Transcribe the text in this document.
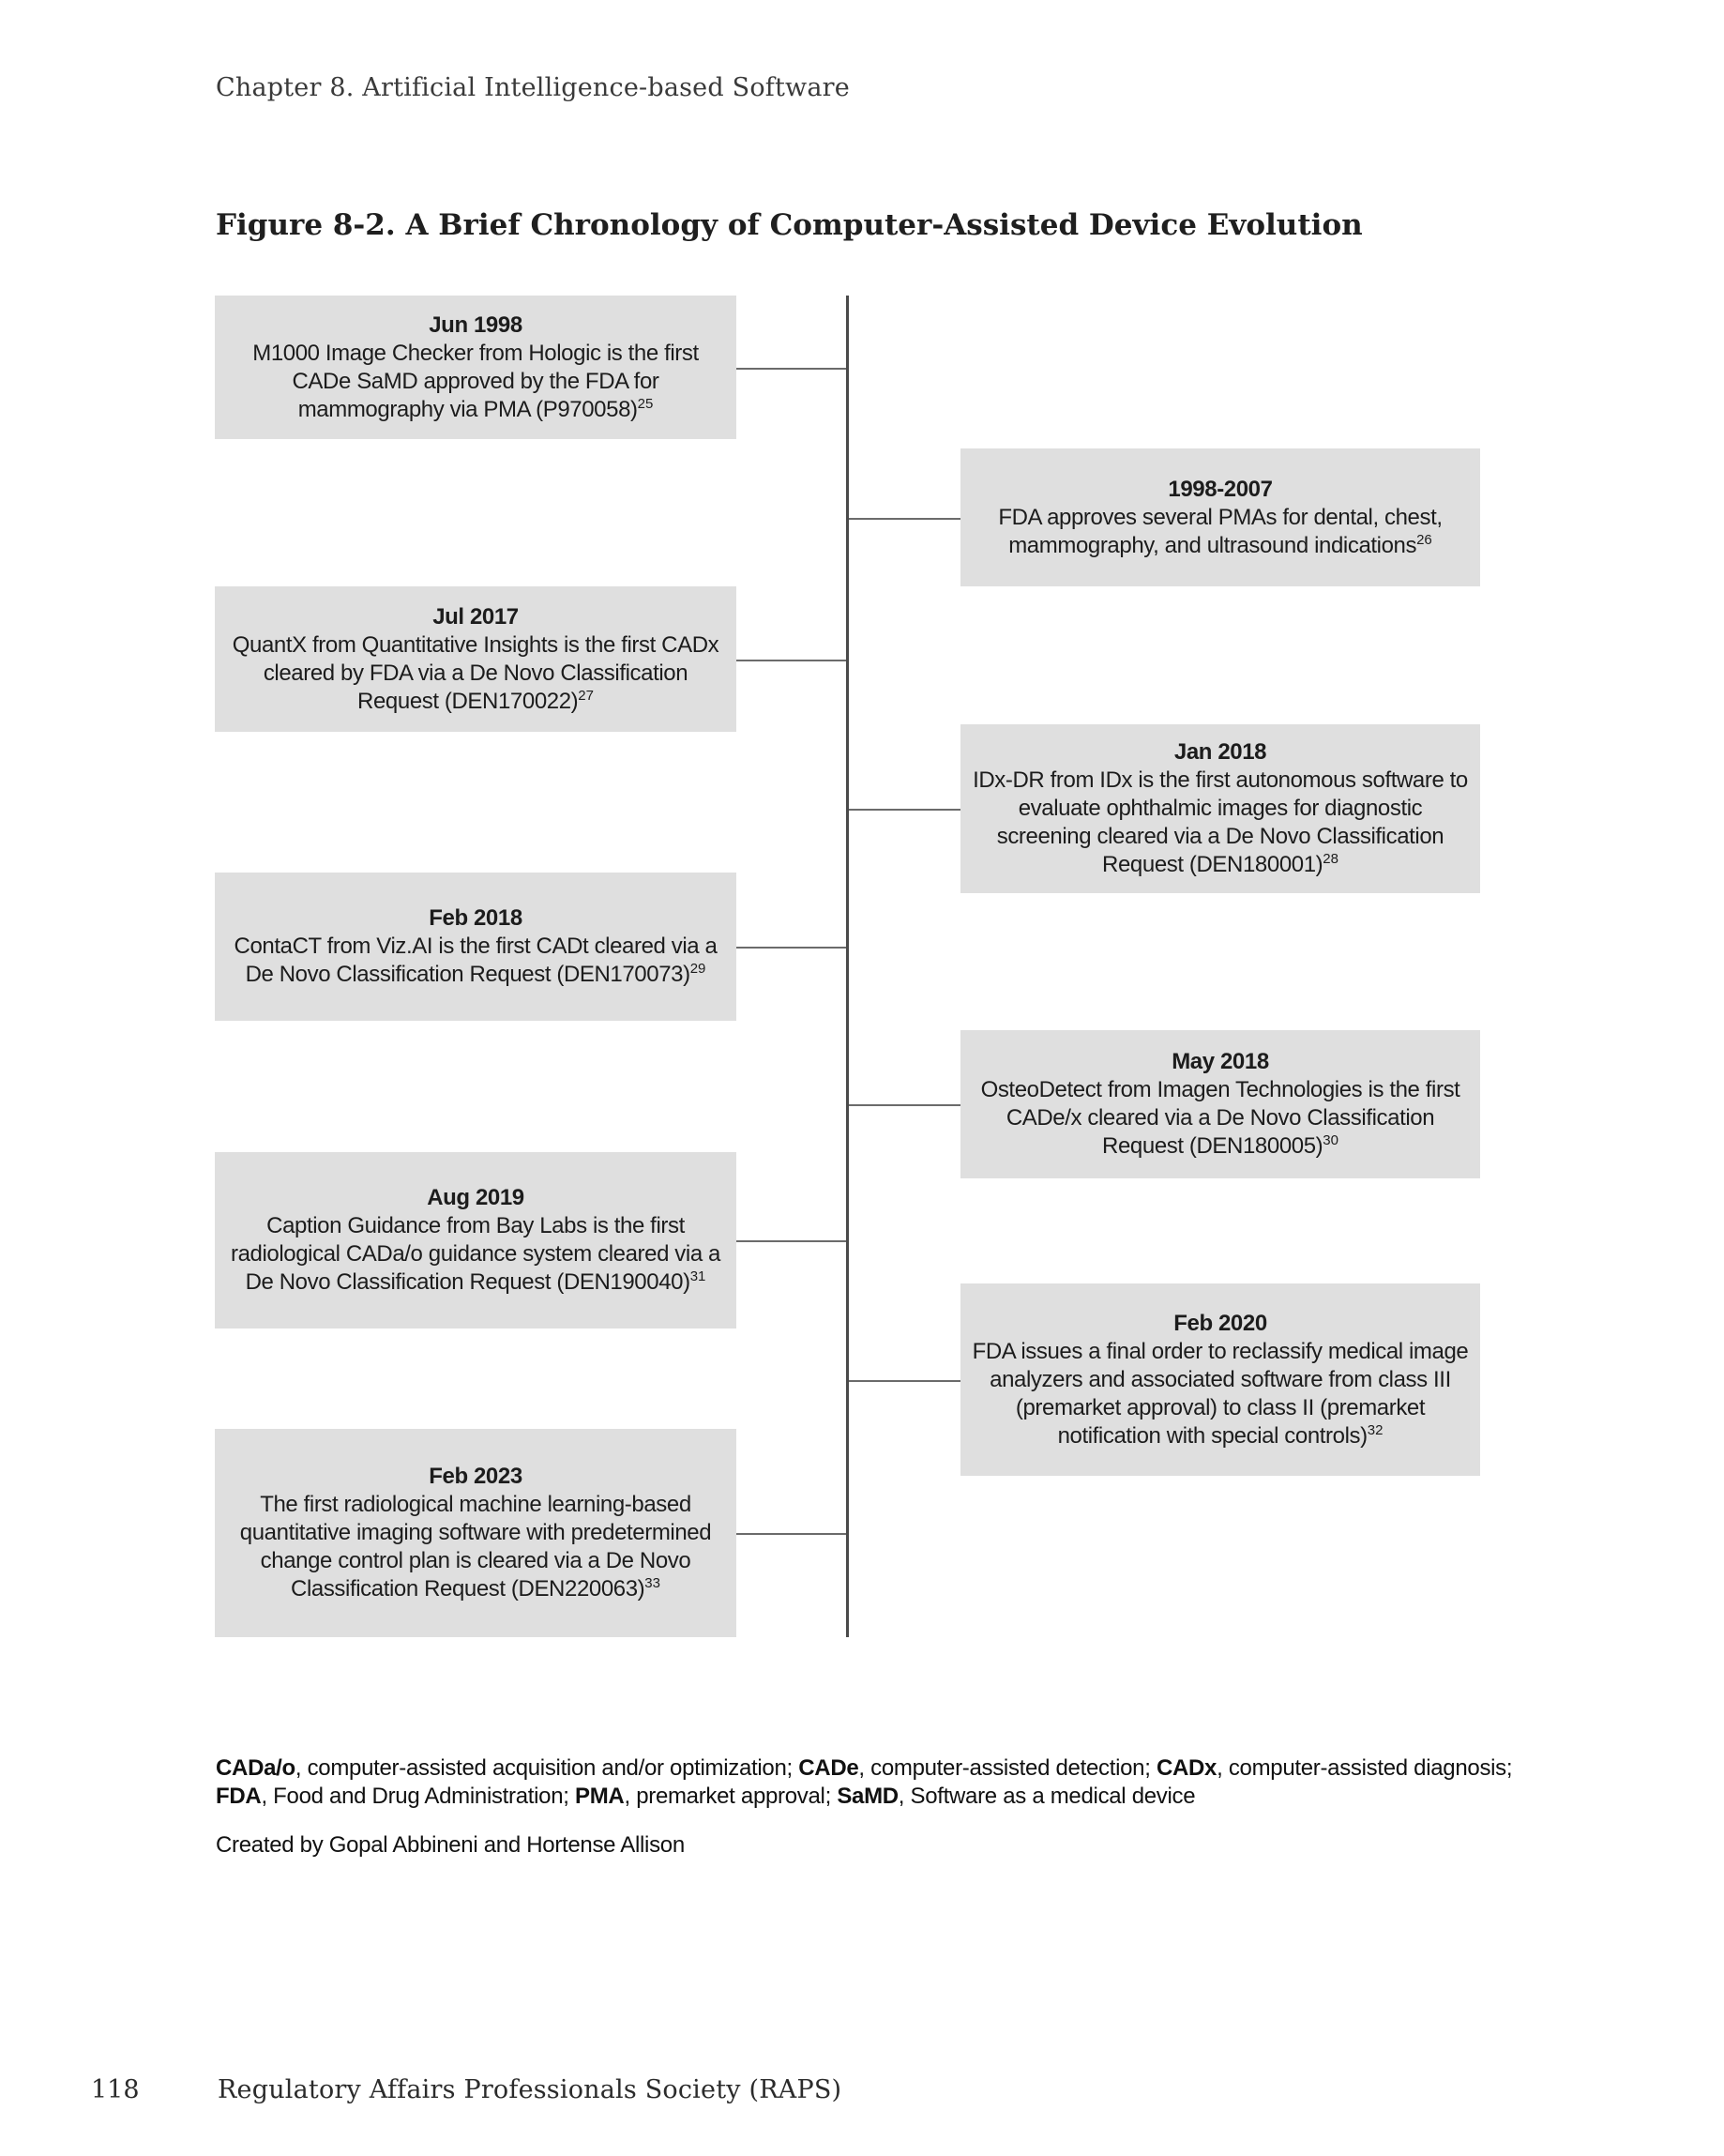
Chapter 8. Artificial Intelligence-based Software
Figure 8-2. A Brief Chronology of Computer-Assisted Device Evolution
Jun 1998
M1000 Image Checker from Hologic is the first CADe SaMD approved by the FDA for mammography via PMA $(P970058)^{25}$
1998-2007
FDA approves several PMAs for dental, chest, mammography, and ultrasound indications$^{26}$
Jul 2017
QuantX from Quantitative Insights is the first CADx cleared by FDA via a De Novo Classification Request $(DEN170022)^{27}$
Jan 2018
IDx-DR from IDx is the first autonomous software to evaluate ophthalmic images for diagnostic screening cleared via a De Novo Classification Request $(DEN180001)^{28}$
Feb 2018
ContaCT from Viz.AI is the first CADt cleared via a De Novo Classification Request $(DEN170073)^{29}$
May 2018
OsteoDetect from Imagen Technologies is the first CADe/x cleared via a De Novo Classification Request $(DEN180005)^{30}$
Aug 2019
Caption Guidance from Bay Labs is the first radiological CADa/o guidance system cleared via a De Novo Classification Request $(DEN190040)^{31}$
Feb 2020
FDA issues a final order to reclassify medical image analyzers and associated software from class III (premarket approval) to class II (premarket notification with special controls)$^{32}$
Feb 2023
The first radiological machine learning-based quantitative imaging software with predetermined change control plan is cleared via a De Novo Classification Request $(DEN220063)^{33}$

CADa/o, computer-assisted acquisition and/or optimization; CADe, computer-assisted detection; CADx, computer-assisted diagnosis; FDA, Food and Drug Administration; PMA, premarket approval; SaMD, Software as a medical device

Created by Gopal Abbineni and Hortense Allison

118	Regulatory Affairs Professionals Society (RAPS)
